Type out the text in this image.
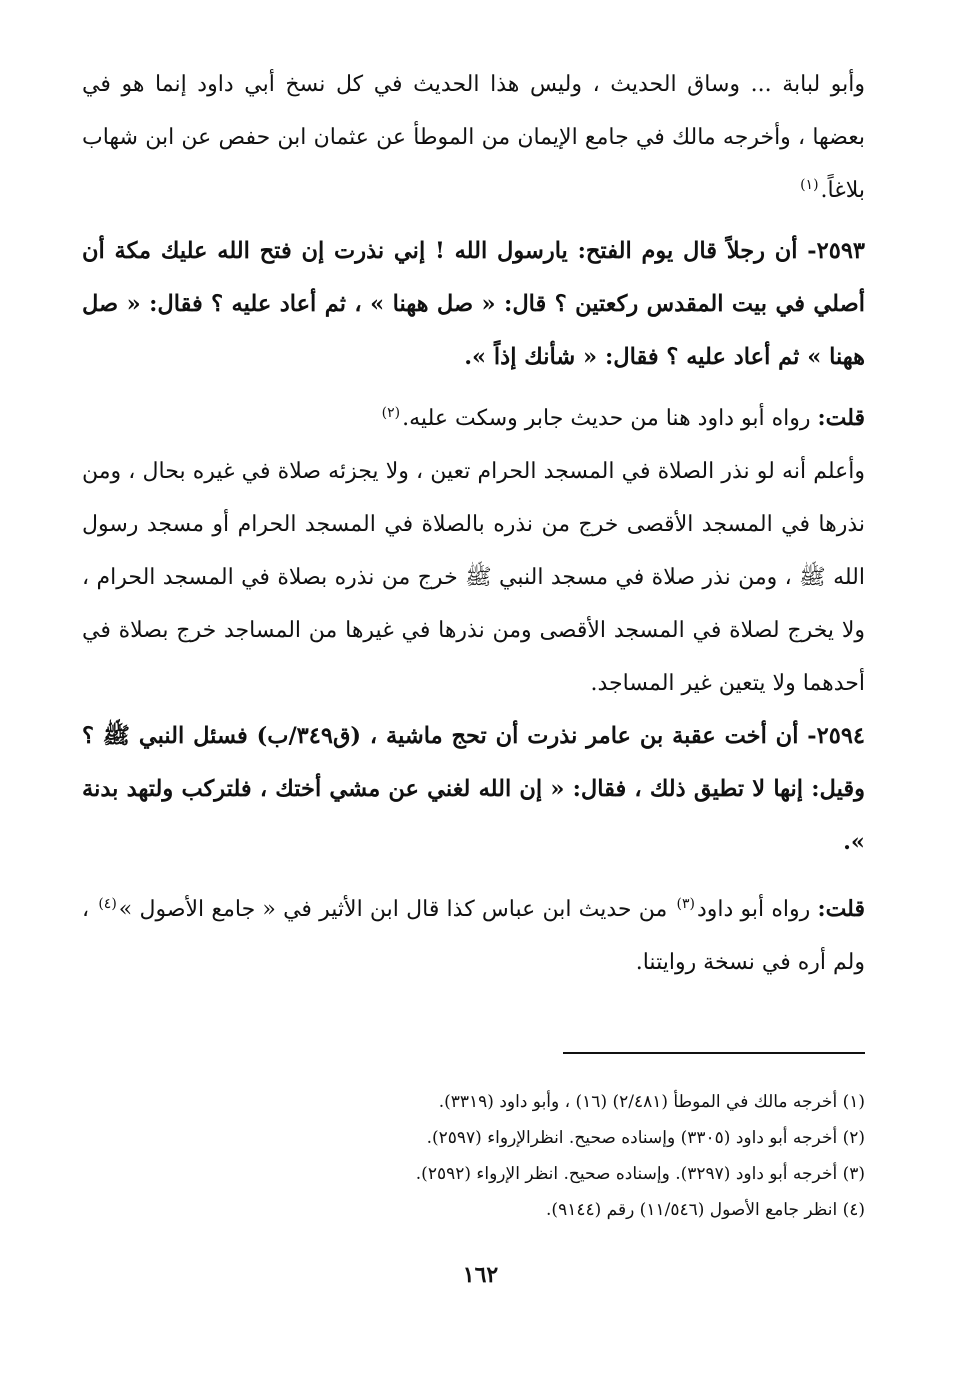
وأبو لبابة ... وساق الحديث ، وليس هذا الحديث في كل نسخ أبي داود إنما هو في بعضها ، وأخرجه مالك في جامع الإيمان من الموطأ عن عثمان ابن حفص عن ابن شهاب بلاغاً.$^{(١)}$

٢٥٩٣- أن رجلاً قال يوم الفتح: يارسول الله ! إني نذرت إن فتح الله عليك مكة أن أصلي في بيت المقدس ركعتين ؟ قال: « صل ههنا » ، ثم أعاد عليه ؟ فقال: « صل ههنا » ثم أعاد عليه ؟ فقال: « شأنك إذاً ».

قلت: رواه أبو داود هنا من حديث جابر وسكت عليه.$^{(٢)}$

وأعلم أنه لو نذر الصلاة في المسجد الحرام تعين ، ولا يجزئه صلاة في غيره بحال ، ومن نذرها في المسجد الأقصى خرج من نذره بالصلاة في المسجد الحرام أو مسجد رسول الله ﷺ ، ومن نذر صلاة في مسجد النبي ﷺ خرج من نذره بصلاة في المسجد الحرام ، ولا يخرج لصلاة في المسجد الأقصى ومن نذرها في غيرها من المساجد خرج بصلاة في أحدهما ولا يتعين غير المساجد.

٢٥٩٤- أن أخت عقبة بن عامر نذرت أن تحج ماشية ، (ق٣٤٩/ب) فسئل النبي ﷺ ؟ وقيل: إنها لا تطيق ذلك ، فقال: « إن الله لغني عن مشي أختك ، فلتركب ولتهد بدنة ».

قلت: رواه أبو داود$^{(٣)}$ من حديث ابن عباس كذا قال ابن الأثير في « جامع الأصول »$^{(٤)}$ ، ولم أره في نسخة روايتنا.

(١) أخرجه مالك في الموطأ (٢/٤٨١) (١٦) ، وأبو داود (٣٣١٩).
(٢) أخرجه أبو داود (٣٣٠٥) وإسناده صحيح. انظرالإرواء (٢٥٩٧).
(٣) أخرجه أبو داود (٣٢٩٧). وإسناده صحيح. انظر الإرواء (٢٥٩٢).
(٤) انظر جامع الأصول (١١/٥٤٦) رقم (٩١٤٤).
١٦٢
